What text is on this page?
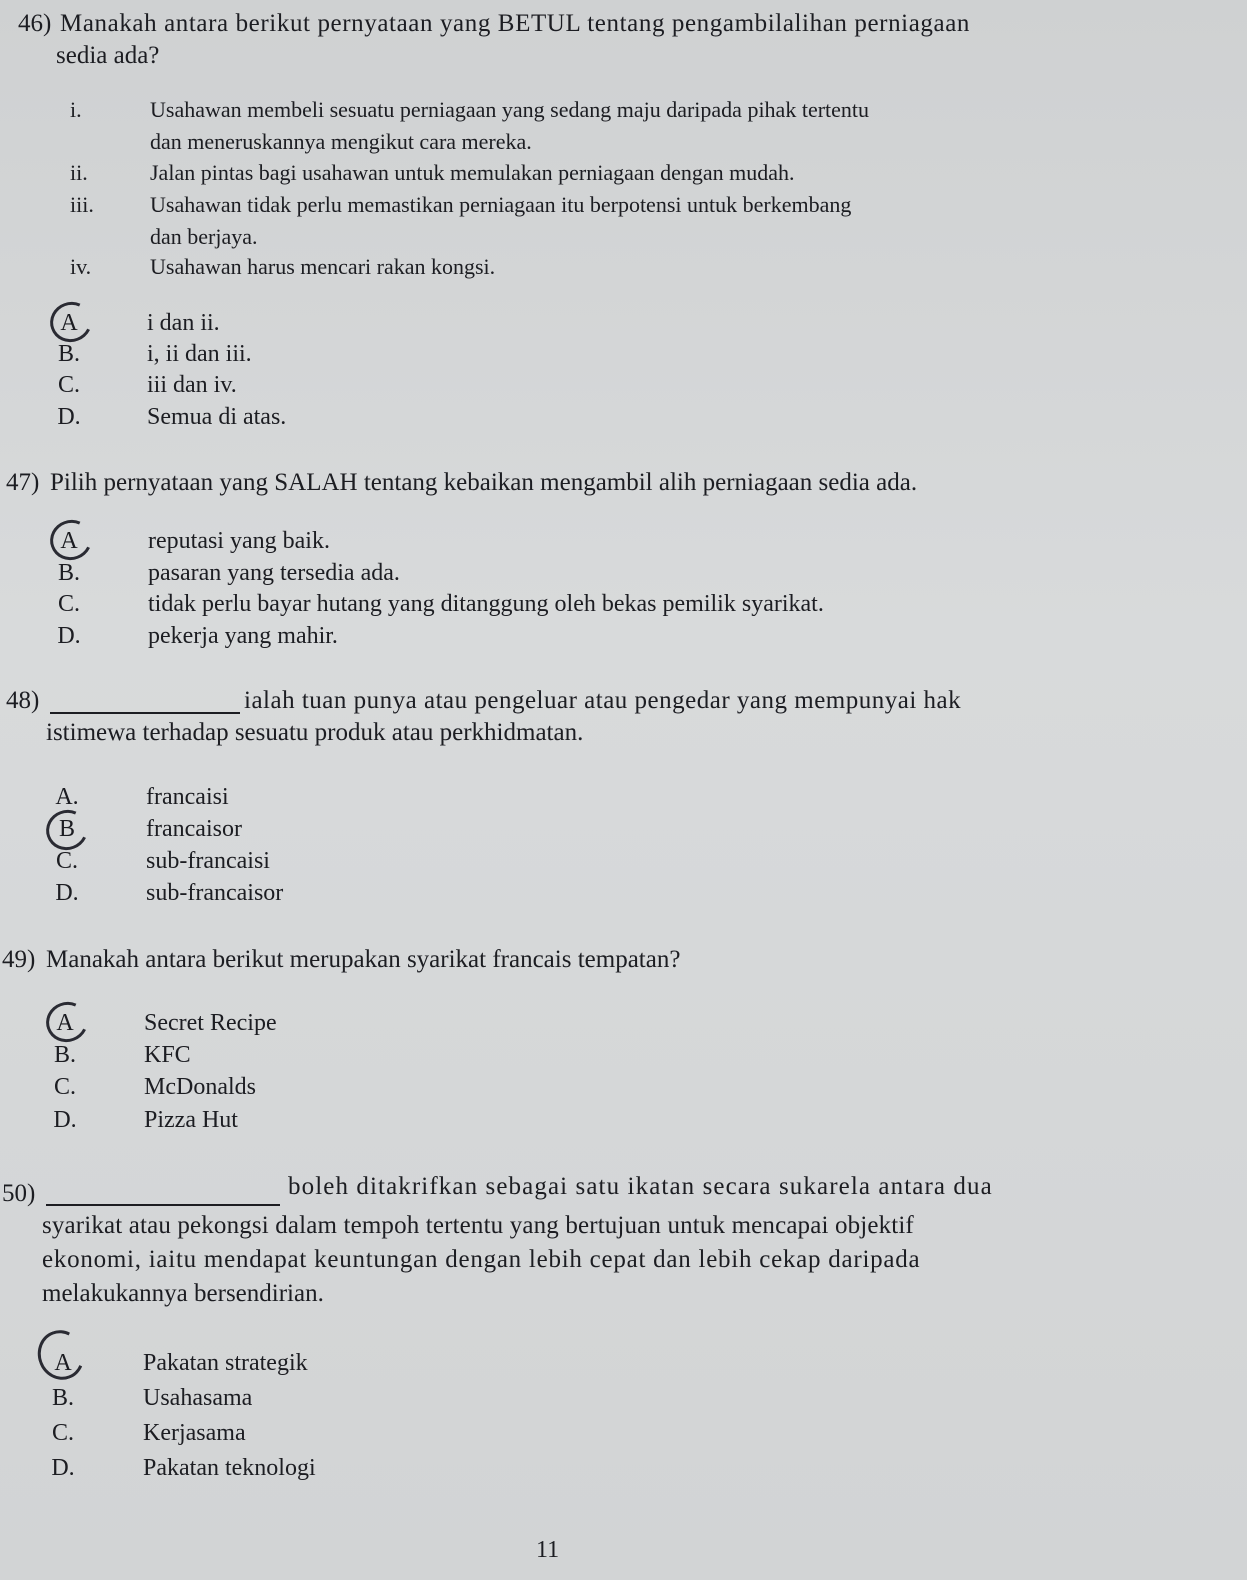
46) Manakah antara berikut pernyataan yang BETUL tentang pengambilalihan perniagaan
sedia ada?
i.	Usahawan membeli sesuatu perniagaan yang sedang maju daripada pihak tertentu
dan meneruskannya mengikut cara mereka.
ii.	Jalan pintas bagi usahawan untuk memulakan perniagaan dengan mudah.
iii.	Usahawan tidak perlu memastikan perniagaan itu berpotensi untuk berkembang
dan berjaya.
iv.	Usahawan harus mencari rakan kongsi.
A	i dan ii.
B.	i, ii dan iii.
C.	iii dan iv.
D.	Semua di atas.
47) Pilih pernyataan yang SALAH tentang kebaikan mengambil alih perniagaan sedia ada.
A	reputasi yang baik.
B.	pasaran yang tersedia ada.
C.	tidak perlu bayar hutang yang ditanggung oleh bekas pemilik syarikat.
D.	pekerja yang mahir.
48)	ialah tuan punya atau pengeluar atau pengedar yang mempunyai hak
istimewa terhadap sesuatu produk atau perkhidmatan.
A.	francaisi
B	francaisor
C.	sub-francaisi
D.	sub-francaisor
49) Manakah antara berikut merupakan syarikat francais tempatan?
A	Secret Recipe
B.	KFC
C.	McDonalds
D.	Pizza Hut
50)	boleh ditakrifkan sebagai satu ikatan secara sukarela antara dua
syarikat atau pekongsi dalam tempoh tertentu yang bertujuan untuk mencapai objektif
ekonomi, iaitu mendapat keuntungan dengan lebih cepat dan lebih cekap daripada
melakukannya bersendirian.
A	Pakatan strategik
B.	Usahasama
C.	Kerjasama
D.	Pakatan teknologi
11
